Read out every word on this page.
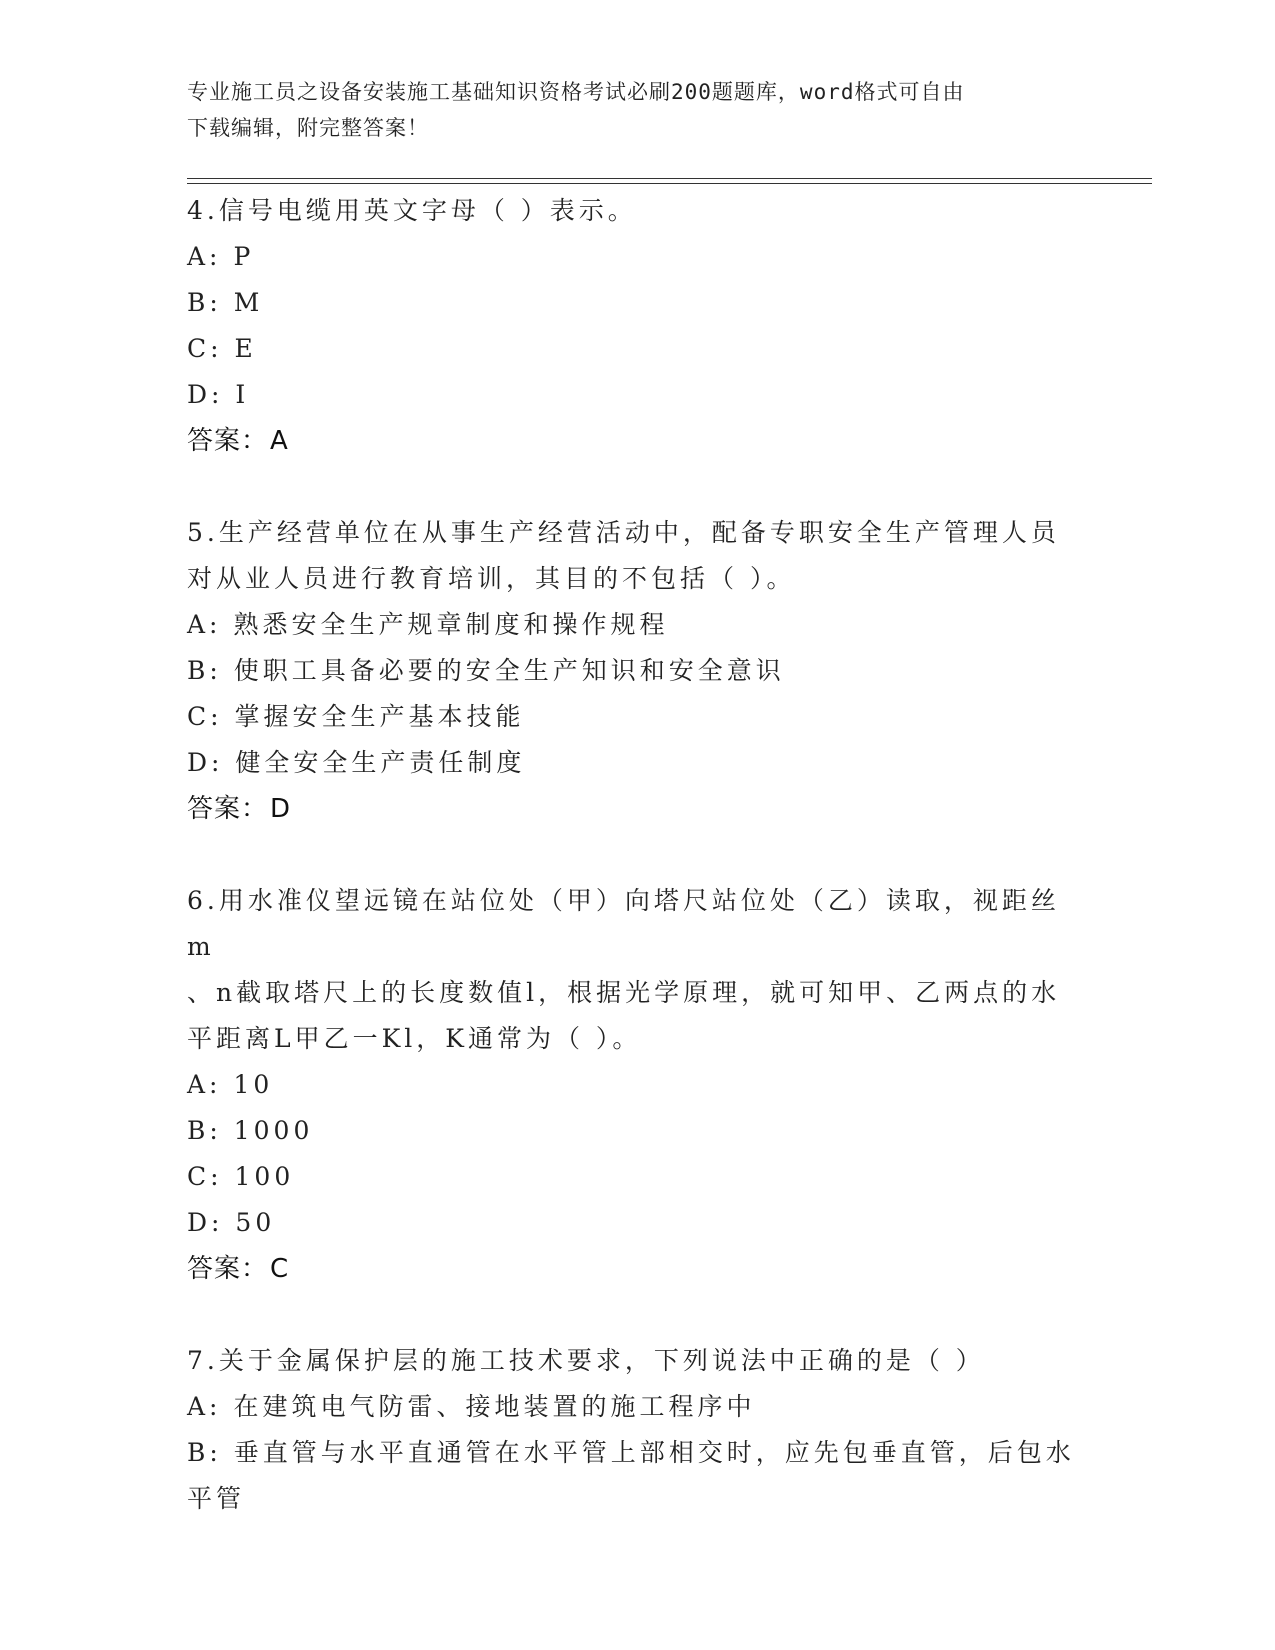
专业施工员之设备安装施工基础知识资格考试必刷200题题库，word格式可自由
下载编辑，附完整答案！
4.信号电缆用英文字母（ ）表示。
A: P
B: M
C: E
D: I
答案：A
5.生产经营单位在从事生产经营活动中，配备专职安全生产管理人员
对从业人员进行教育培训，其目的不包括（ ）。
A: 熟悉安全生产规章制度和操作规程
B: 使职工具备必要的安全生产知识和安全意识
C: 掌握安全生产基本技能
D: 健全安全生产责任制度
答案：D
6.用水准仪望远镜在站位处（甲）向塔尺站位处（乙）读取，视距丝m
、n截取塔尺上的长度数值l，根据光学原理，就可知甲、乙两点的水
平距离L甲乙一Kl，K通常为（ ）。
A: 10
B: 1000
C: 100
D: 50
答案：C
7.关于金属保护层的施工技术要求，下列说法中正确的是（ ）
A: 在建筑电气防雷、接地装置的施工程序中
B: 垂直管与水平直通管在水平管上部相交时，应先包垂直管，后包水
平管
